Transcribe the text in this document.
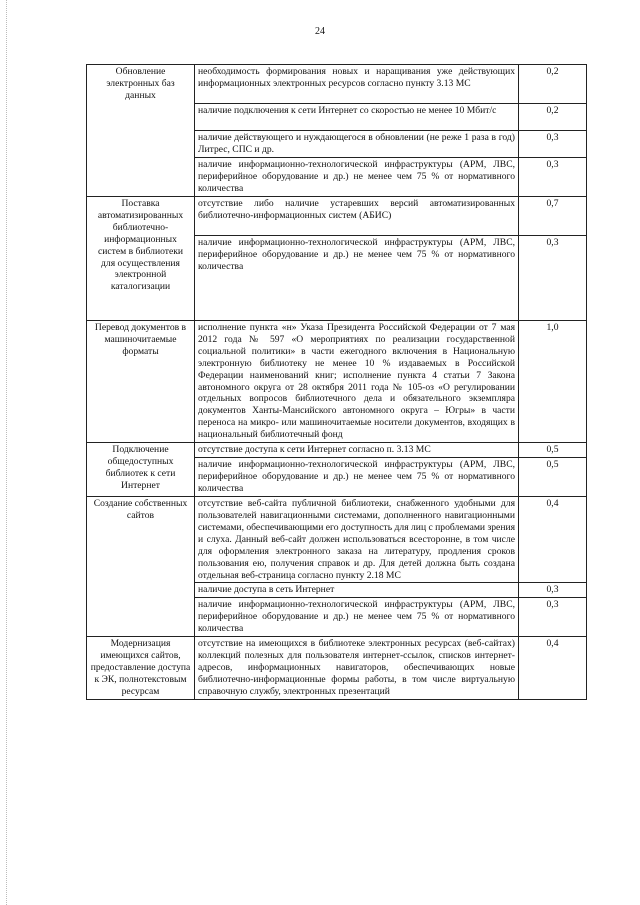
24
Обновление электронных баз данных	необходимость формирования новых и наращивания уже действующих информационных электронных ресурсов согласно пункту 3.13 МС	0,2
	наличие подключения к сети Интернет со скоростью не менее 10 Мбит/с	0,2
	наличие действующего и нуждающегося в обновлении (не реже 1 раза в год) Литрес, СПС и др.	0,3
	наличие информационно-технологической инфраструктуры (АРМ, ЛВС, периферийное оборудование и др.) не менее чем 75 % от нормативного количества	0,3
Поставка автоматизированных библиотечно-информационных систем в библиотеки для осуществления электронной каталогизации	отсутствие либо наличие устаревших версий автоматизированных библиотечно-информационных систем (АБИС)	0,7
	наличие информационно-технологической инфраструктуры (АРМ, ЛВС, периферийное оборудование и др.) не менее чем 75 % от нормативного количества	0,3
Перевод документов в машиночитаемые форматы	исполнение пункта «н» Указа Президента Российской Федерации от 7 мая 2012 года № 597 «О мероприятиях по реализации государственной социальной политики» в части ежегодного включения в Национальную электронную библиотеку не менее 10 % издаваемых в Российской Федерации наименований книг; исполнение пункта 4 статьи 7 Закона автономного округа от 28 октября 2011 года № 105-оз «О регулировании отдельных вопросов библиотечного дела и обязательного экземпляра документов Ханты-Мансийского автономного округа – Югры» в части переноса на микро- или машиночитаемые носители документов, входящих в национальный библиотечный фонд	1,0
Подключение общедоступных библиотек к сети Интернет	отсутствие доступа к сети Интернет согласно п. 3.13 МС	0,5
	наличие информационно-технологической инфраструктуры (АРМ, ЛВС, периферийное оборудование и др.) не менее чем 75 % от нормативного количества	0,5
Создание собственных сайтов	отсутствие веб-сайта публичной библиотеки, снабженного удобными для пользователей навигационными системами, дополненного навигационными системами, обеспечивающими его доступность для лиц с проблемами зрения и слуха. Данный веб-сайт должен использоваться всесторонне, в том числе для оформления электронного заказа на литературу, продления сроков пользования ею, получения справок и др. Для детей должна быть создана отдельная веб-страница согласно пункту 2.18 МС	0,4
	наличие доступа в сеть Интернет	0,3
	наличие информационно-технологической инфраструктуры (АРМ, ЛВС, периферийное оборудование и др.) не менее чем 75 % от нормативного количества	0,3
Модернизация имеющихся сайтов, предоставление доступа к ЭК, полнотекстовым ресурсам	отсутствие на имеющихся в библиотеке электронных ресурсах (веб-сайтах) коллекций полезных для пользователя интернет-ссылок, списков интернет-адресов, информационных навигаторов, обеспечивающих новые библиотечно-информационные формы работы, в том числе виртуальную справочную службу, электронных презентаций	0,4
